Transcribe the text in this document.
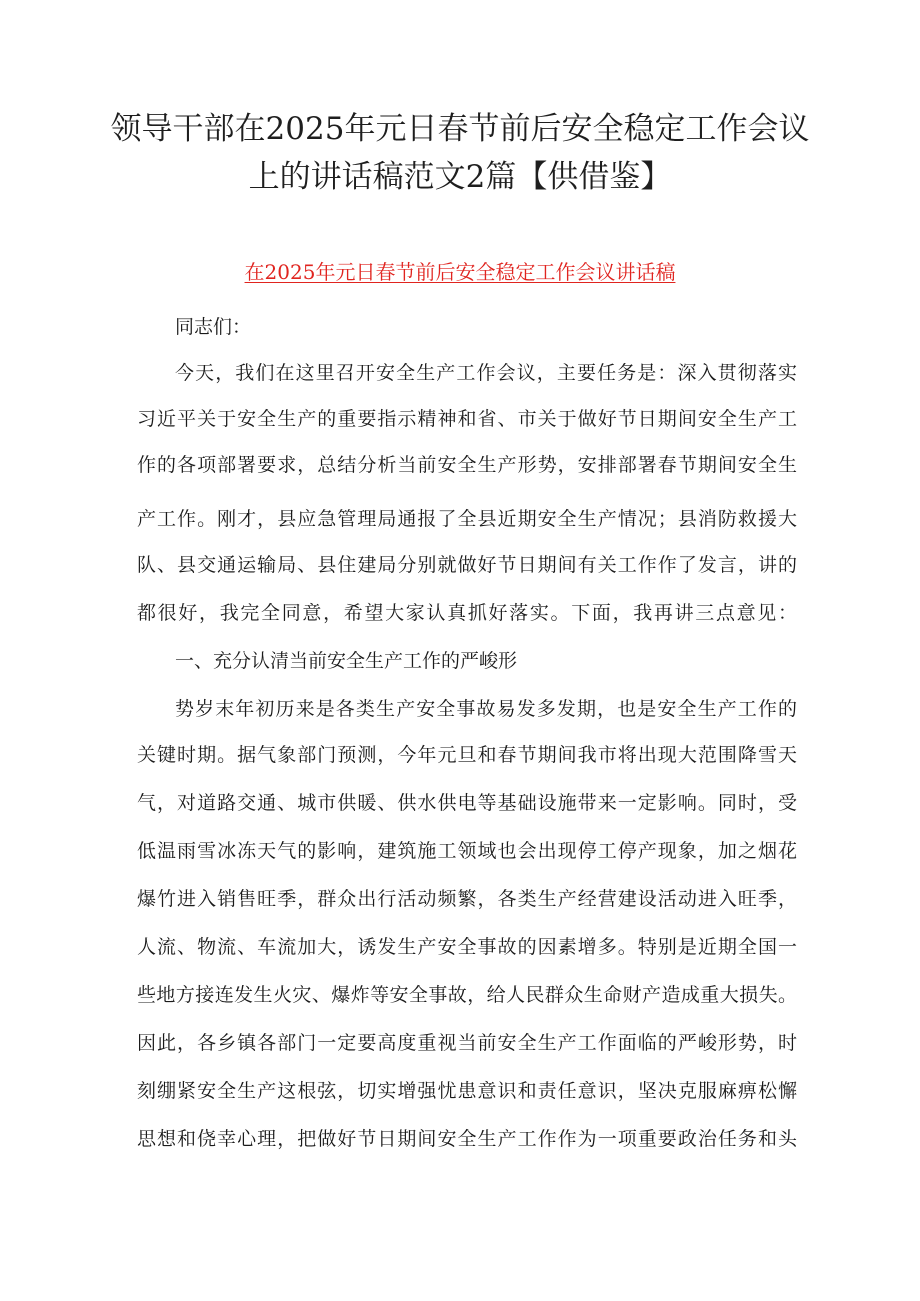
领导干部在2025年元日春节前后安全稳定工作会议
上的讲话稿范文2篇【供借鉴】
在2025年元日春节前后安全稳定工作会议讲话稿
同志们：
今天，我们在这里召开安全生产工作会议，主要任务是：深入贯彻落实
习近平关于安全生产的重要指示精神和省、市关于做好节日期间安全生产工
作的各项部署要求，总结分析当前安全生产形势，安排部署春节期间安全生
产工作。刚才，县应急管理局通报了全县近期安全生产情况；县消防救援大
队、县交通运输局、县住建局分别就做好节日期间有关工作作了发言，讲的
都很好，我完全同意，希望大家认真抓好落实。下面，我再讲三点意见：
一、充分认清当前安全生产工作的严峻形
势岁末年初历来是各类生产安全事故易发多发期，也是安全生产工作的
关键时期。据气象部门预测，今年元旦和春节期间我市将出现大范围降雪天
气，对道路交通、城市供暖、供水供电等基础设施带来一定影响。同时，受
低温雨雪冰冻天气的影响，建筑施工领域也会出现停工停产现象，加之烟花
爆竹进入销售旺季，群众出行活动频繁，各类生产经营建设活动进入旺季，
人流、物流、车流加大，诱发生产安全事故的因素增多。特别是近期全国一
些地方接连发生火灾、爆炸等安全事故，给人民群众生命财产造成重大损失。
因此，各乡镇各部门一定要高度重视当前安全生产工作面临的严峻形势，时
刻绷紧安全生产这根弦，切实增强忧患意识和责任意识，坚决克服麻痹松懈
思想和侥幸心理，把做好节日期间安全生产工作作为一项重要政治任务和头
